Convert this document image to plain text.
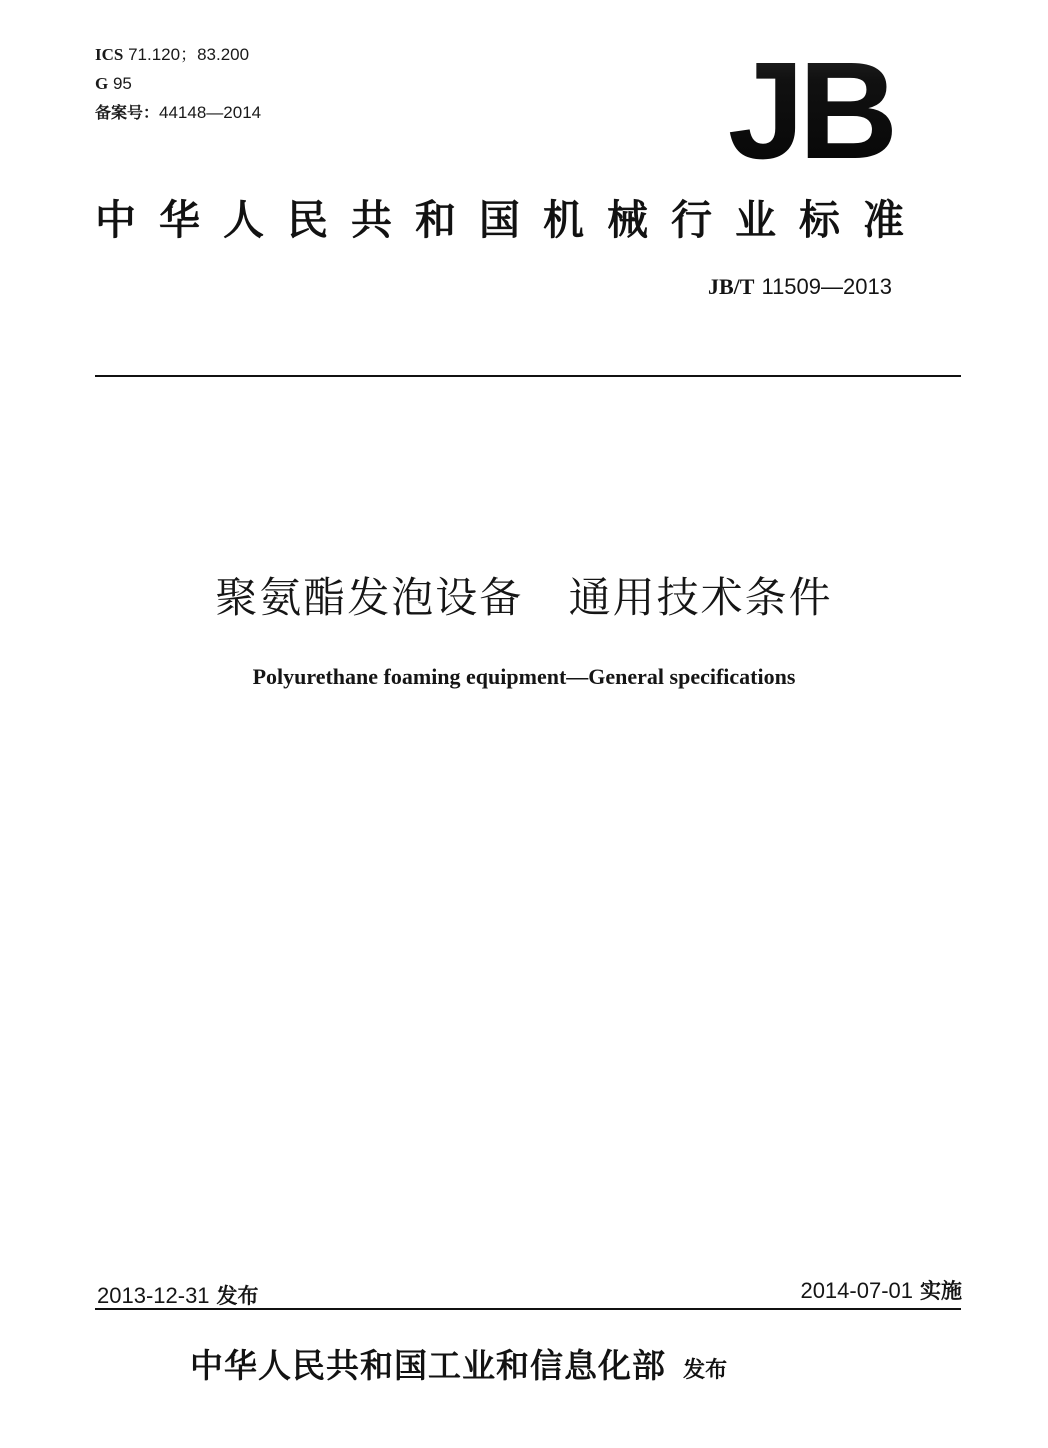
ICS 71.120；83.200
G 95
备案号：44148—2014	JB
中华人民共和国机械行业标准
JB/T 11509—2013
聚氨酯发泡设备 通用技术条件
Polyurethane foaming equipment—General specifications
2013-12-31 发布	2014-07-01 实施
中华人民共和国工业和信息化部 发布
